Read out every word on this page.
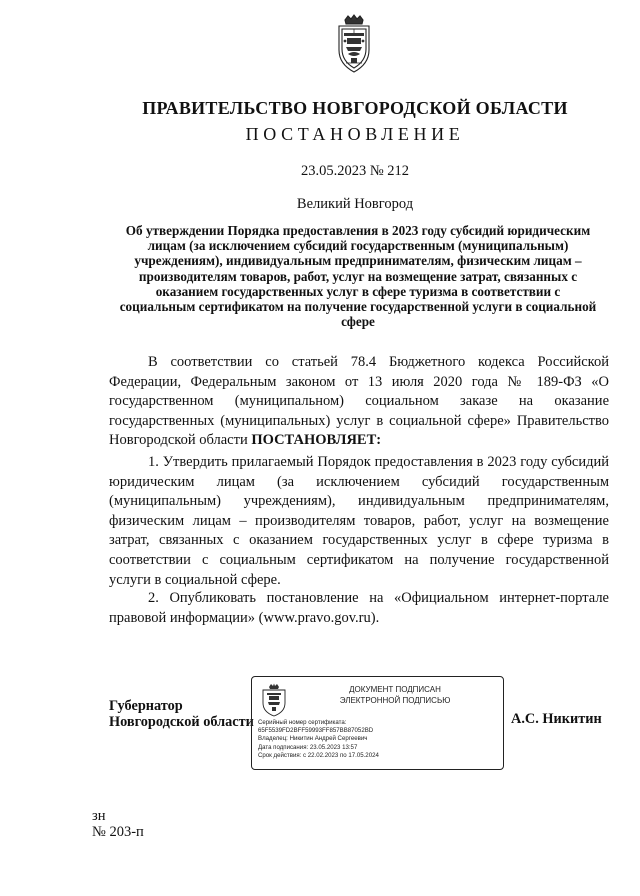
ПРАВИТЕЛЬСТВО НОВГОРОДСКОЙ ОБЛАСТИ
ПОСТАНОВЛЕНИЕ
23.05.2023 № 212
Великий Новгород
Об утверждении Порядка предоставления в 2023 году субсидий юридическим лицам (за исключением субсидий государственным (муниципальным) учреждениям), индивидуальным предпринимателям, физическим лицам – производителям товаров, работ, услуг на возмещение затрат, связанных с оказанием государственных услуг в сфере туризма в соответствии с социальным сертификатом на получение государственной услуги в социальной сфере

В соответствии со статьей 78.4 Бюджетного кодекса Российской Федерации, Федеральным законом от 13 июля 2020 года № 189-ФЗ «О государственном (муниципальном) социальном заказе на оказание государственных (муниципальных) услуг в социальной сфере» Правительство Новгородской области ПОСТАНОВЛЯЕТ:

1. Утвердить прилагаемый Порядок предоставления в 2023 году субсидий юридическим лицам (за исключением субсидий государственным (муниципальным) учреждениям), индивидуальным предпринимателям, физическим лицам – производителям товаров, работ, услуг на возмещение затрат, связанных с оказанием государственных услуг в сфере туризма в соответствии с социальным сертификатом на получение государственной услуги в социальной сфере.

2. Опубликовать постановление на «Официальном интернет-портале правовой информации» (www.pravo.gov.ru).

Губернатор
Новгородской области
ДОКУМЕНТ ПОДПИСАН
ЭЛЕКТРОННОЙ ПОДПИСЬЮ
Серийный номер сертификата:
65F5539FD2BFF59993FF857BB87052BD
Владелец: Никитин Андрей Сергеевич
Дата подписания: 23.05.2023 13:57
Срок действия: с 22.02.2023 по 17.05.2024
А.С. Никитин
зн
№ 203-п
